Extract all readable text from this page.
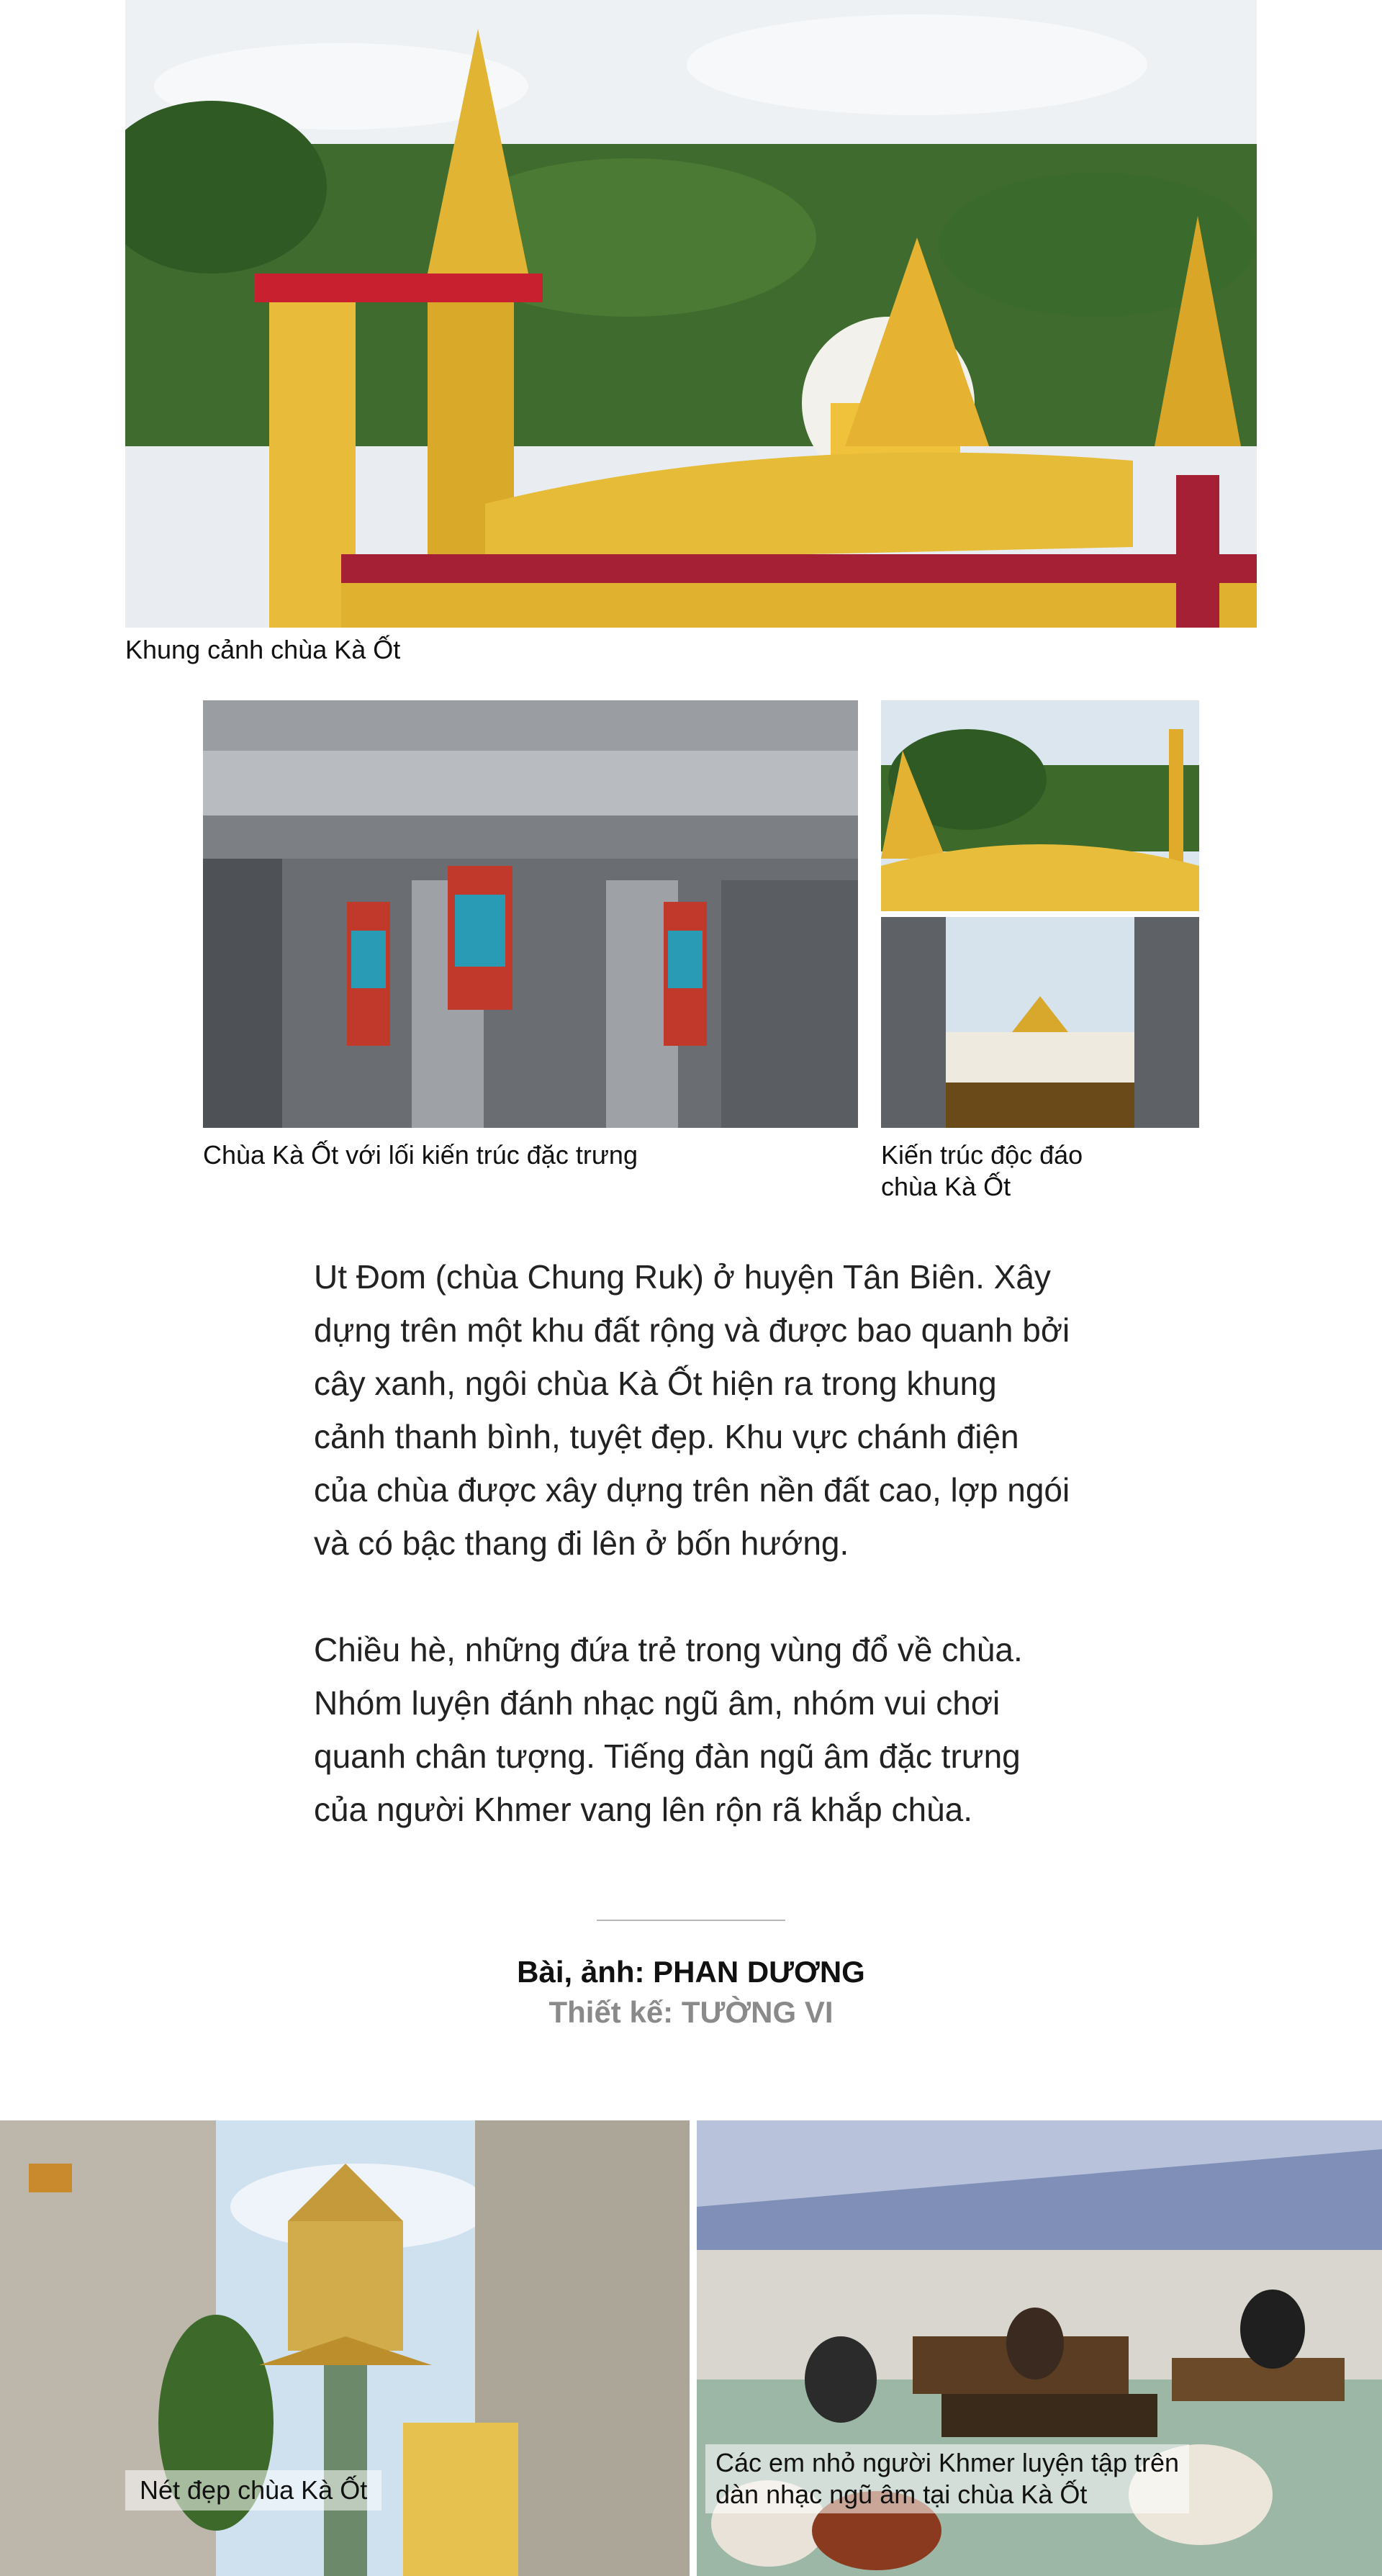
Khung cảnh chùa Kà Ốt
Chùa Kà Ốt với lối kiến trúc đặc trưng	Kiến trúc độc đáo
chùa Kà Ốt

Ut Đom (chùa Chung Ruk) ở huyện Tân Biên. Xây dựng trên một khu đất rộng và được bao quanh bởi cây xanh, ngôi chùa Kà Ốt hiện ra trong khung cảnh thanh bình, tuyệt đẹp. Khu vực chánh điện của chùa được xây dựng trên nền đất cao, lợp ngói và có bậc thang đi lên ở bốn hướng.

Chiều hè, những đứa trẻ trong vùng đổ về chùa. Nhóm luyện đánh nhạc ngũ âm, nhóm vui chơi quanh chân tượng. Tiếng đàn ngũ âm đặc trưng của người Khmer vang lên rộn rã khắp chùa.

Bài, ảnh: PHAN DƯƠNG
Thiết kế: TƯỜNG VI
Nét đẹp chùa Kà Ốt
Các em nhỏ người Khmer luyện tập trên
dàn nhạc ngũ âm tại chùa Kà Ốt
